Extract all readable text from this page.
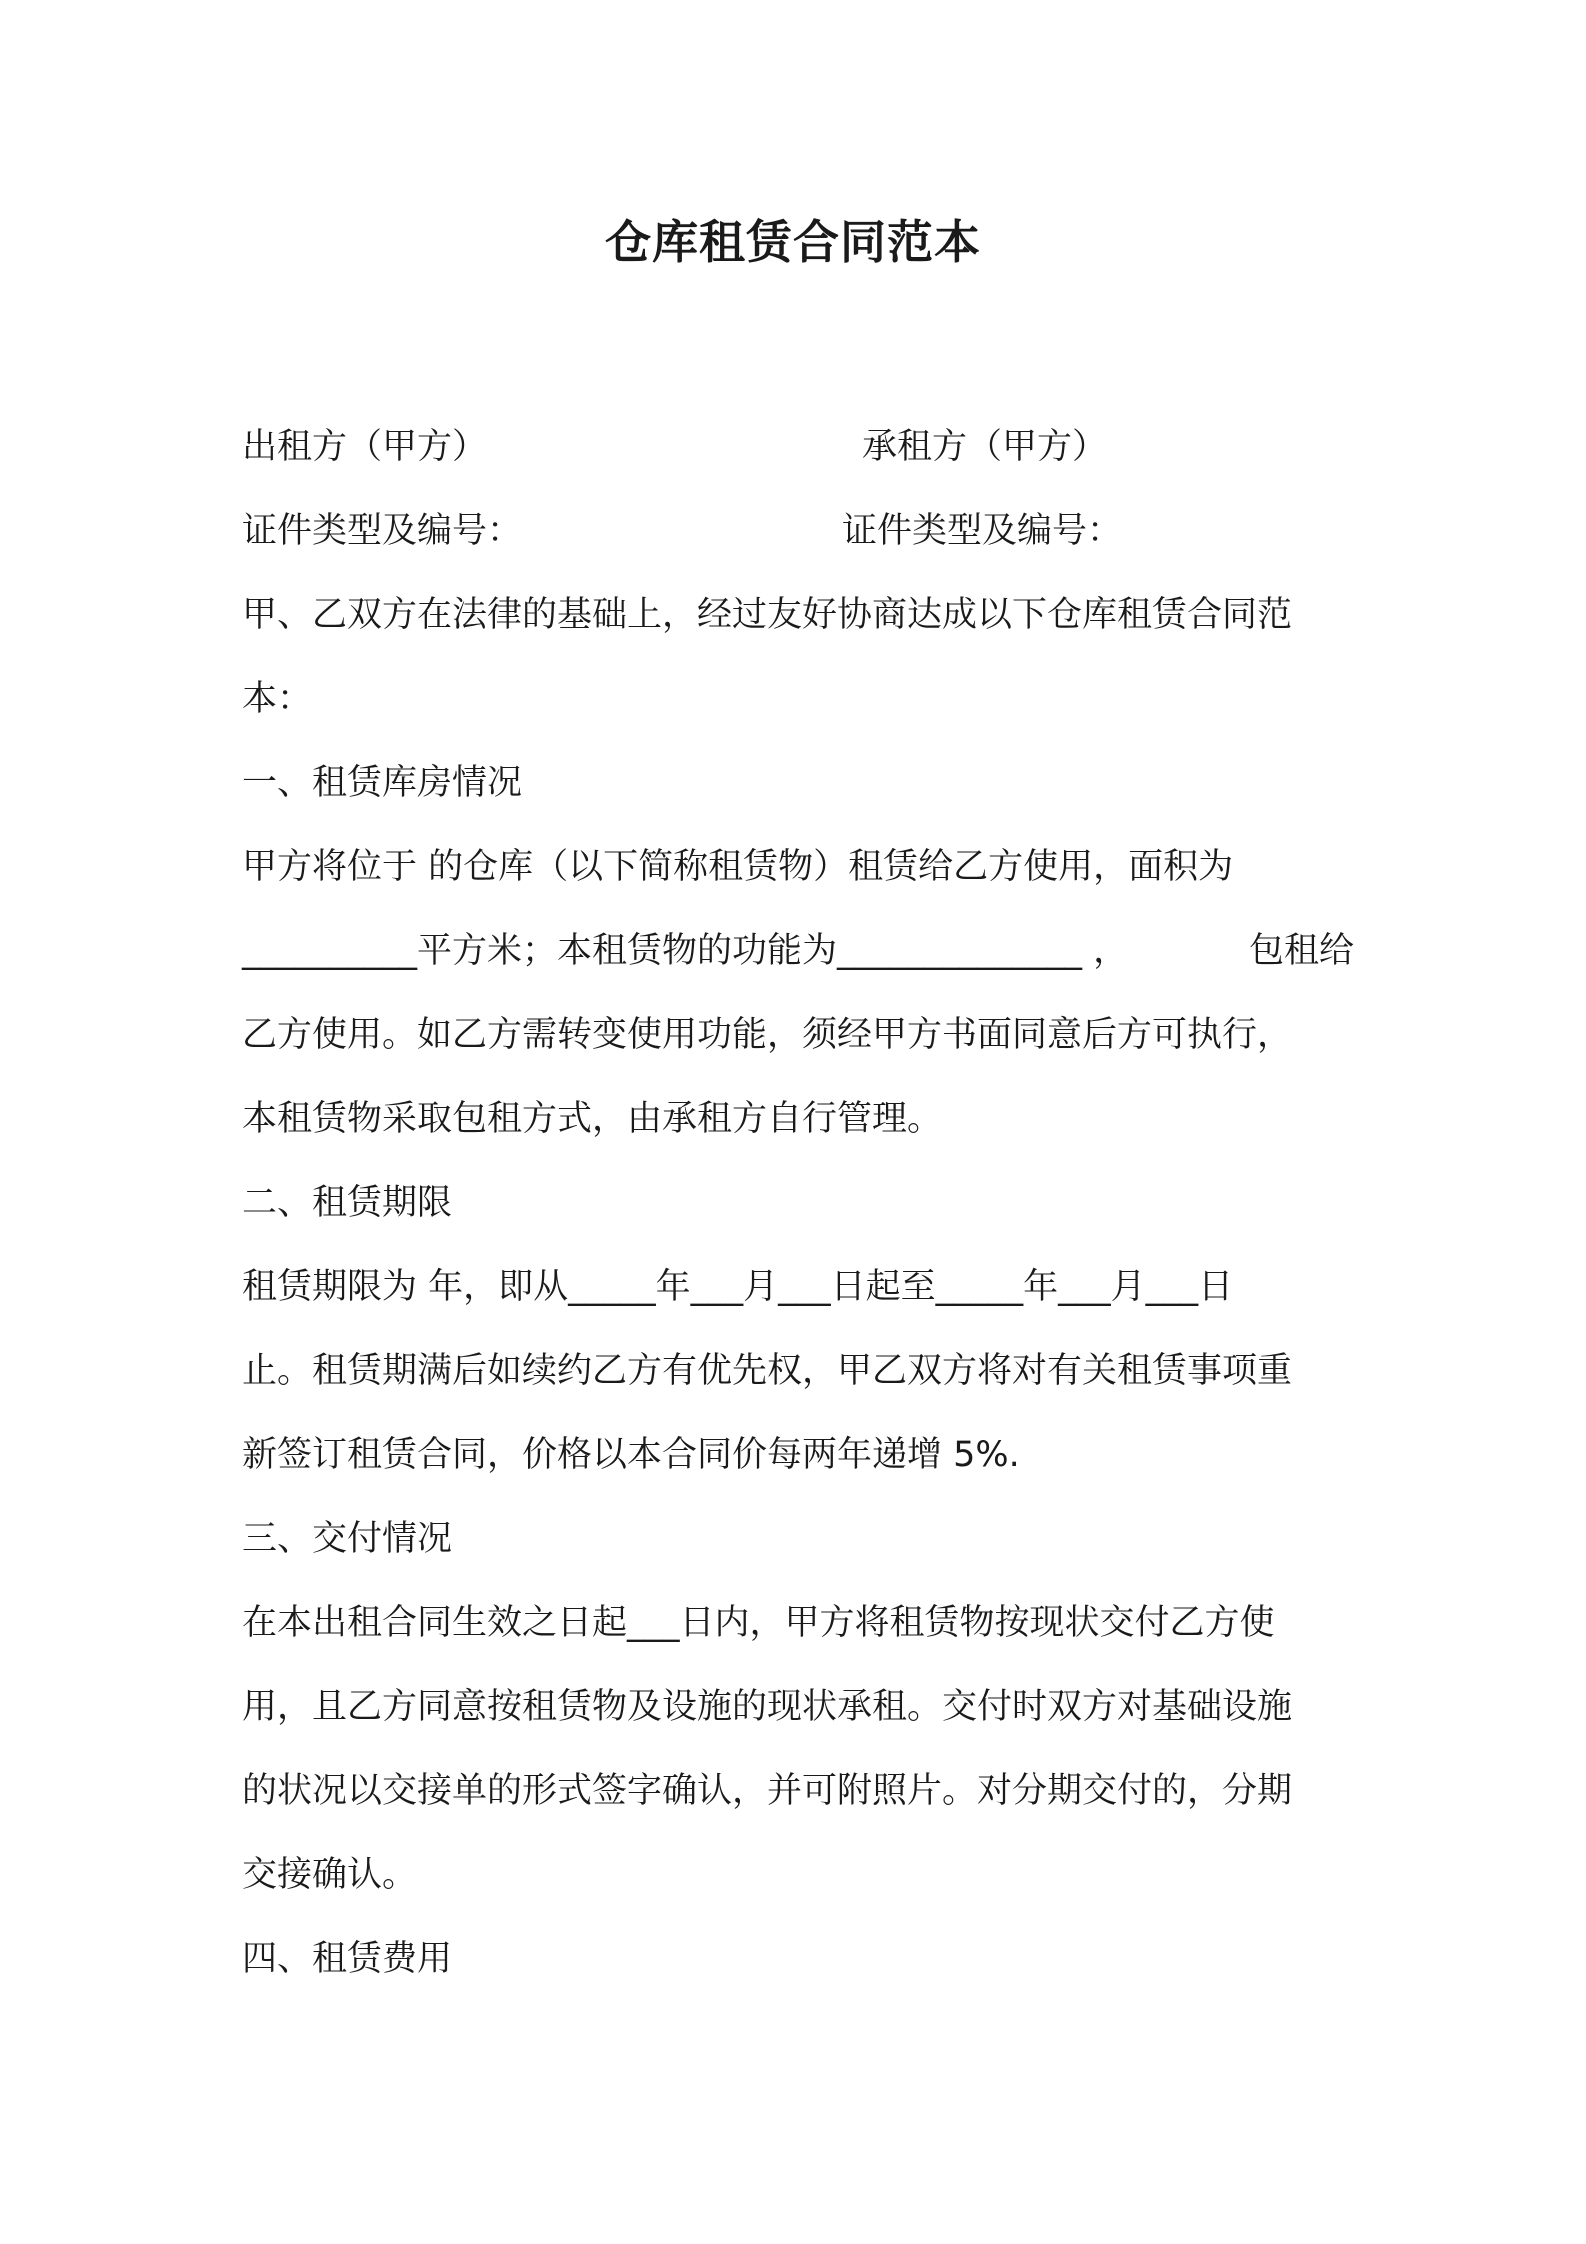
仓库租赁合同范本
出租方（甲方）	承租方（甲方）
证件类型及编号：	证件类型及编号：
甲、乙双方在法律的基础上，经过友好协商达成以下仓库租赁合同范
本：
一、租赁库房情况
甲方将位于 的仓库（以下简称租赁物）租赁给乙方使用，面积为
__________平方米；本租赁物的功能为______________ ，	包租给
乙方使用。如乙方需转变使用功能，须经甲方书面同意后方可执行，
本租赁物采取包租方式，由承租方自行管理。
二、租赁期限
租赁期限为 年，即从_____年___月___日起至_____年___月___日
止。租赁期满后如续约乙方有优先权，甲乙双方将对有关租赁事项重
新签订租赁合同，价格以本合同价每两年递增 5%.
三、交付情况
在本出租合同生效之日起___日内，甲方将租赁物按现状交付乙方使
用，且乙方同意按租赁物及设施的现状承租。交付时双方对基础设施
的状况以交接单的形式签字确认，并可附照片。对分期交付的，分期
交接确认。
四、租赁费用
